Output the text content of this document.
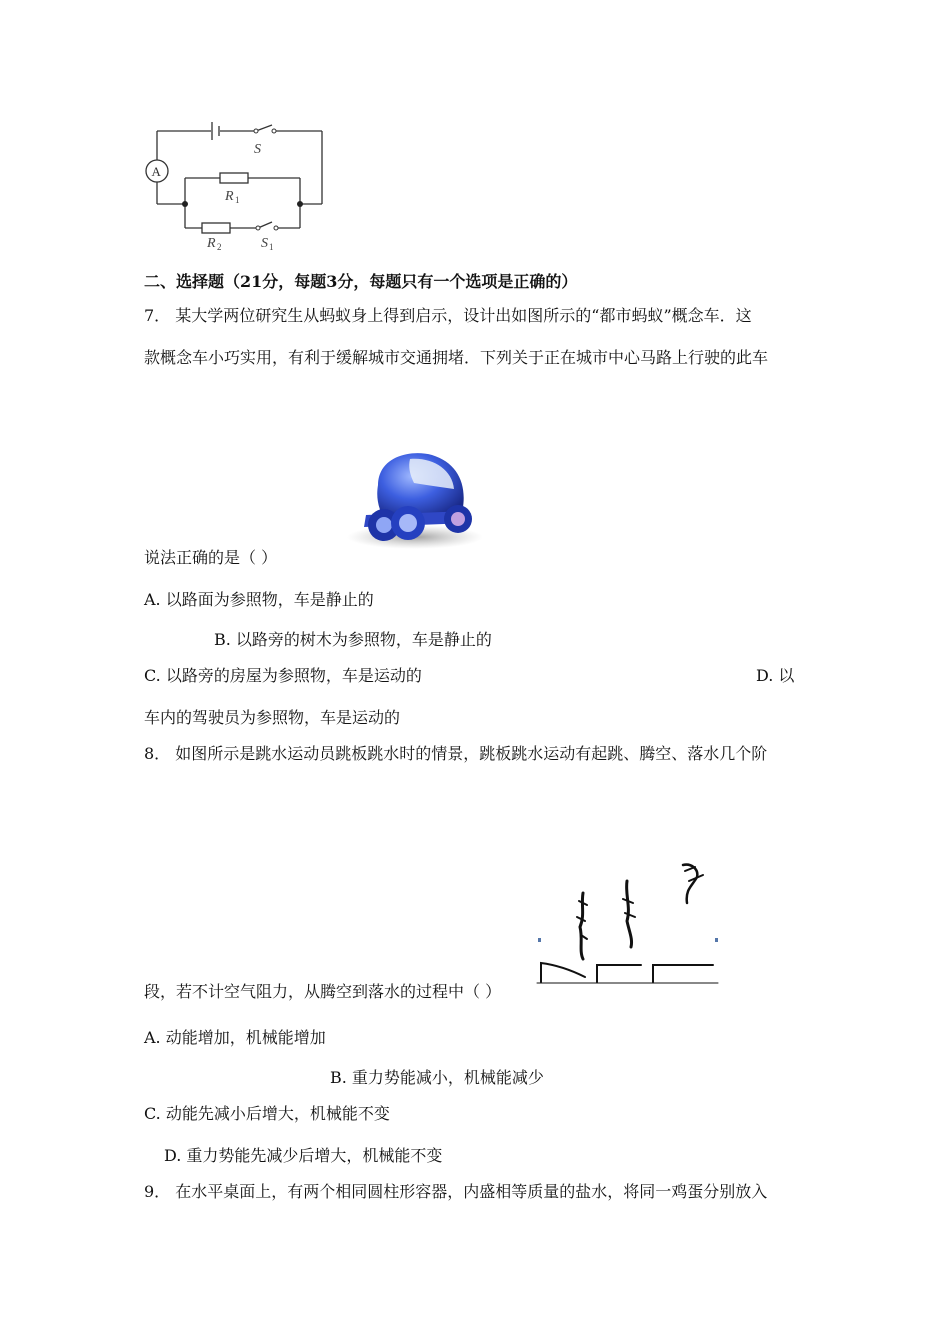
A
S
R 1
R 2	S 1
二、选择题（21分，每题3分，每题只有一个选项是正确的）
7． 某大学两位研究生从蚂蚁身上得到启示，设计出如图所示的“都市蚂蚁”概念车．这
款概念车小巧实用，有利于缓解城市交通拥堵．下列关于正在城市中心马路上行驶的此车
说法正确的是（ ）
A. 以路面为参照物，车是静止的
B. 以路旁的树木为参照物，车是静止的
C. 以路旁的房屋为参照物，车是运动的	D. 以
车内的驾驶员为参照物，车是运动的
8． 如图所示是跳水运动员跳板跳水时的情景，跳板跳水运动有起跳、腾空、落水几个阶
段，若不计空气阻力，从腾空到落水的过程中（ ）
A. 动能增加，机械能增加
B. 重力势能减小，机械能减少
C. 动能先减小后增大，机械能不变
D. 重力势能先减少后增大，机械能不变
9． 在水平桌面上，有两个相同圆柱形容器，内盛相等质量的盐水，将同一鸡蛋分别放入
